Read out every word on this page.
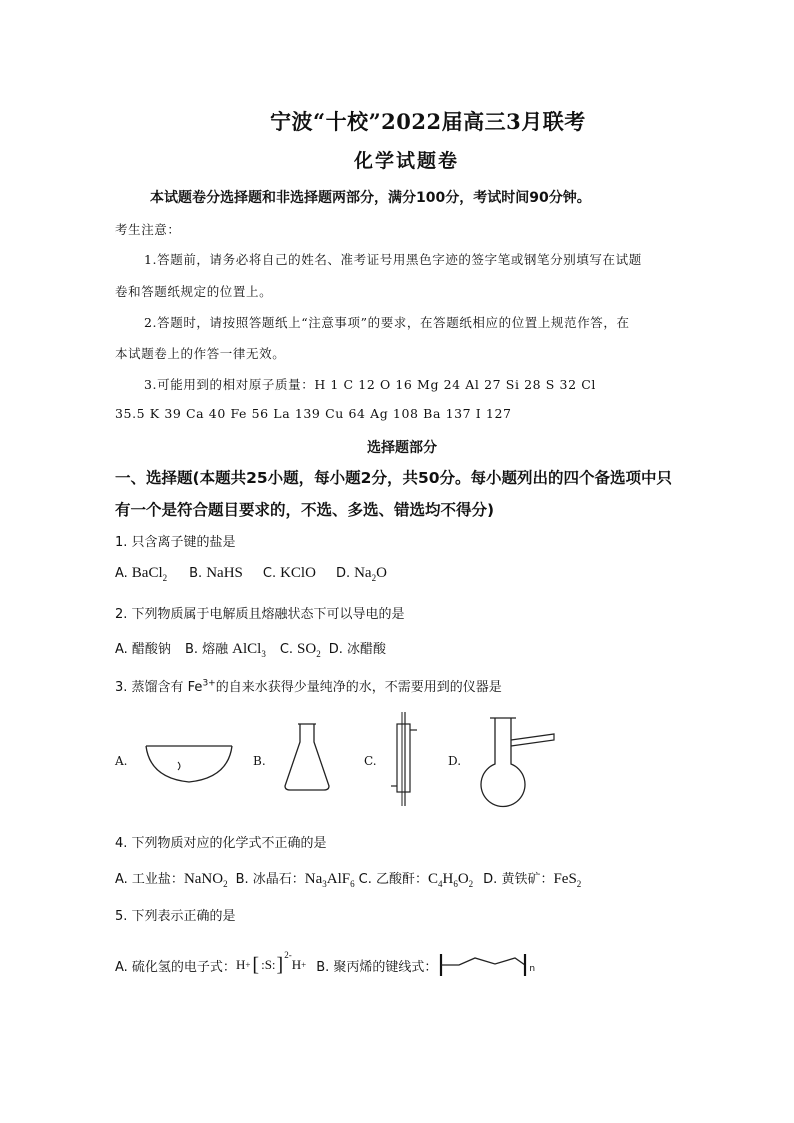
宁波“十校”2022届高三3月联考
化学试题卷
本试题卷分选择题和非选择题两部分，满分100分，考试时间90分钟。
考生注意：
1.答题前，请务必将自己的姓名、准考证号用黑色字迹的签字笔或钢笔分别填写在试题
卷和答题纸规定的位置上。
2.答题时，请按照答题纸上“注意事项”的要求，在答题纸相应的位置上规范作答，在
本试题卷上的作答一律无效。
3.可能用到的相对原子质量：H 1 C 12 O 16 Mg 24 Al 27 Si 28 S 32 Cl
35.5 K 39 Ca 40 Fe 56 La 139 Cu 64 Ag 108 Ba 137 I 127
选择题部分
一、选择题(本题共25小题，每小题2分，共50分。每小题列出的四个备选项中只
有一个是符合题目要求的，不选、多选、错选均不得分)
1. 只含离子键的盐是
A. BaCl$_2$ B. NaHS C. KClO D. $Na_2O$
2. 下列物质属于电解质且熔融状态下可以导电的是
A. 醋酸钠 B. 熔融 AlCl$_3$ C. $SO_2$ D. 冰醋酸
3. 蒸馏含有 $Fe^{3+}$的自来水获得少量纯净的水，不需要用到的仪器是
A.	B.	C.	D.
4. 下列物质对应的化学式不正确的是
A. 工业盐： NaNO$_2$ B. 冰晶石： $Na_3AlF_6$ C. 乙酸酐： $C_4H_6O_2$ D. 黄铁矿： FeS$_2$
5. 下列表示正确的是
A. 硫化氢的电子式： H + [ :S: ]$^{2-}$
H + B. 聚丙烯的键线式：	n
